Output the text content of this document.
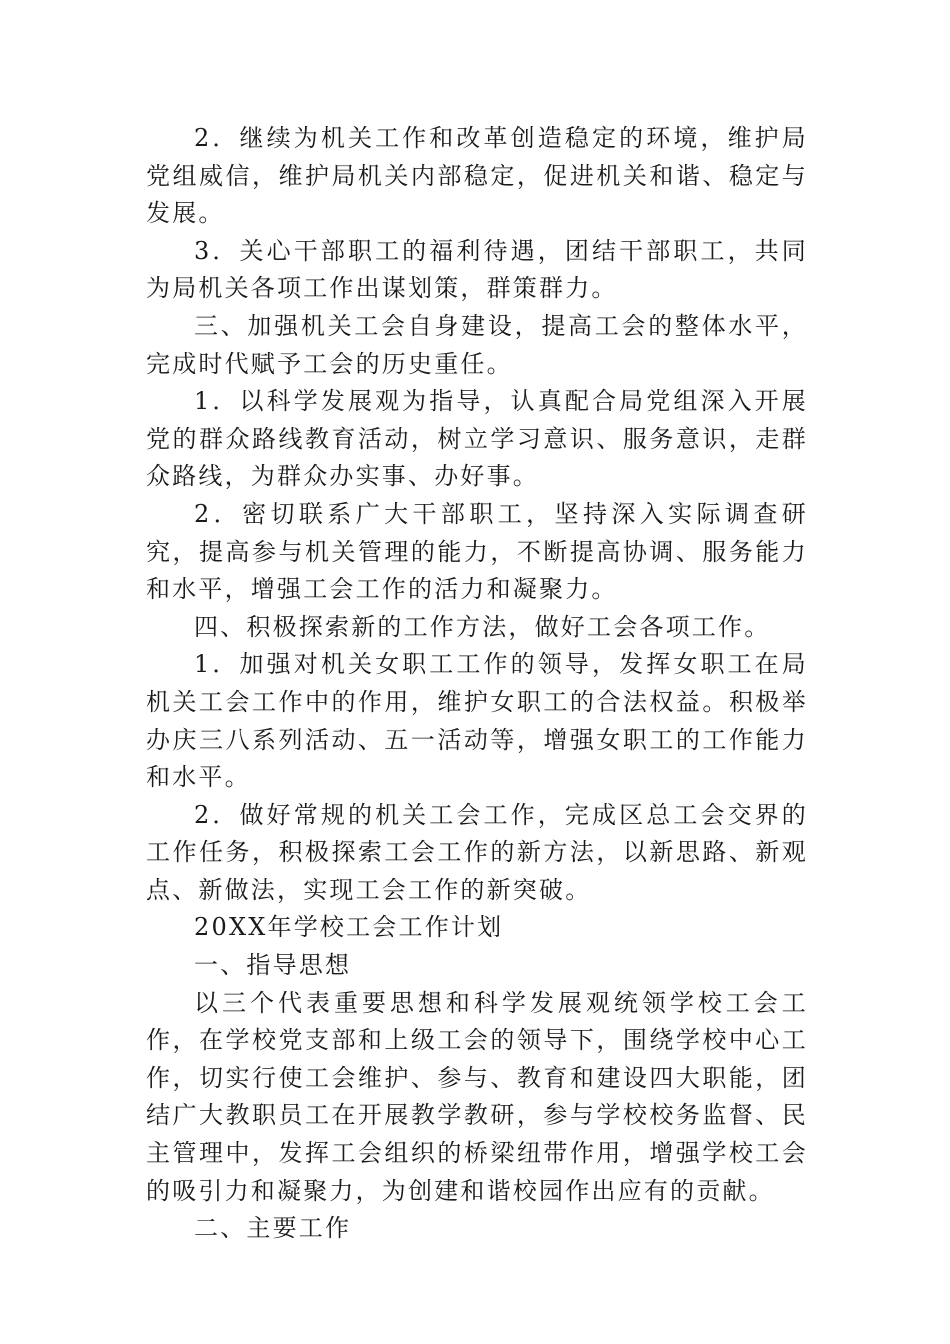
2．继续为机关工作和改革创造稳定的环境，维护局党组威信，维护局机关内部稳定，促进机关和谐、稳定与发展。

3．关心干部职工的福利待遇，团结干部职工，共同为局机关各项工作出谋划策，群策群力。

三、加强机关工会自身建设，提高工会的整体水平，完成时代赋予工会的历史重任。

1．以科学发展观为指导，认真配合局党组深入开展党的群众路线教育活动，树立学习意识、服务意识，走群众路线，为群众办实事、办好事。

2．密切联系广大干部职工，坚持深入实际调查研究，提高参与机关管理的能力，不断提高协调、服务能力和水平，增强工会工作的活力和凝聚力。

四、积极探索新的工作方法，做好工会各项工作。

1．加强对机关女职工工作的领导，发挥女职工在局机关工会工作中的作用，维护女职工的合法权益。积极举办庆三八系列活动、五一活动等，增强女职工的工作能力和水平。

2．做好常规的机关工会工作，完成区总工会交界的工作任务，积极探索工会工作的新方法，以新思路、新观点、新做法，实现工会工作的新突破。

20XX年学校工会工作计划

一、指导思想

以三个代表重要思想和科学发展观统领学校工会工作，在学校党支部和上级工会的领导下，围绕学校中心工作，切实行使工会维护、参与、教育和建设四大职能，团结广大教职员工在开展教学教研，参与学校校务监督、民主管理中，发挥工会组织的桥梁纽带作用，增强学校工会的吸引力和凝聚力，为创建和谐校园作出应有的贡献。

二、主要工作
